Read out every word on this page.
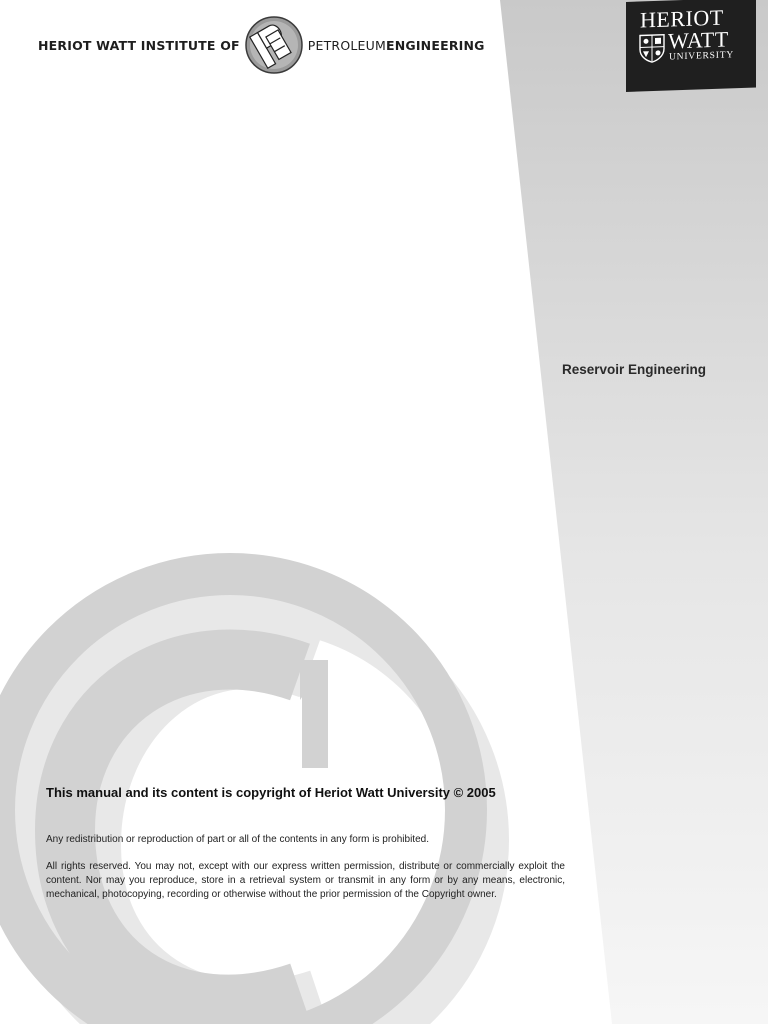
HERIOT WATT INSTITUTE OF	PETROLEUMENGINEERING
HERIOT
WATT
UNIVERSITY
Reservoir Engineering
This manual and its content is copyright of Heriot Watt University © 2005

Any redistribution or reproduction of part or all of the contents in any form is prohibited.

All rights reserved. You may not, except with our express written permission, distribute or commercially exploit the content. Nor may you reproduce, store in a retrieval system or transmit in any form or by any means, electronic, mechanical, photocopying, recording or otherwise without the prior permission of the Copyright owner.
